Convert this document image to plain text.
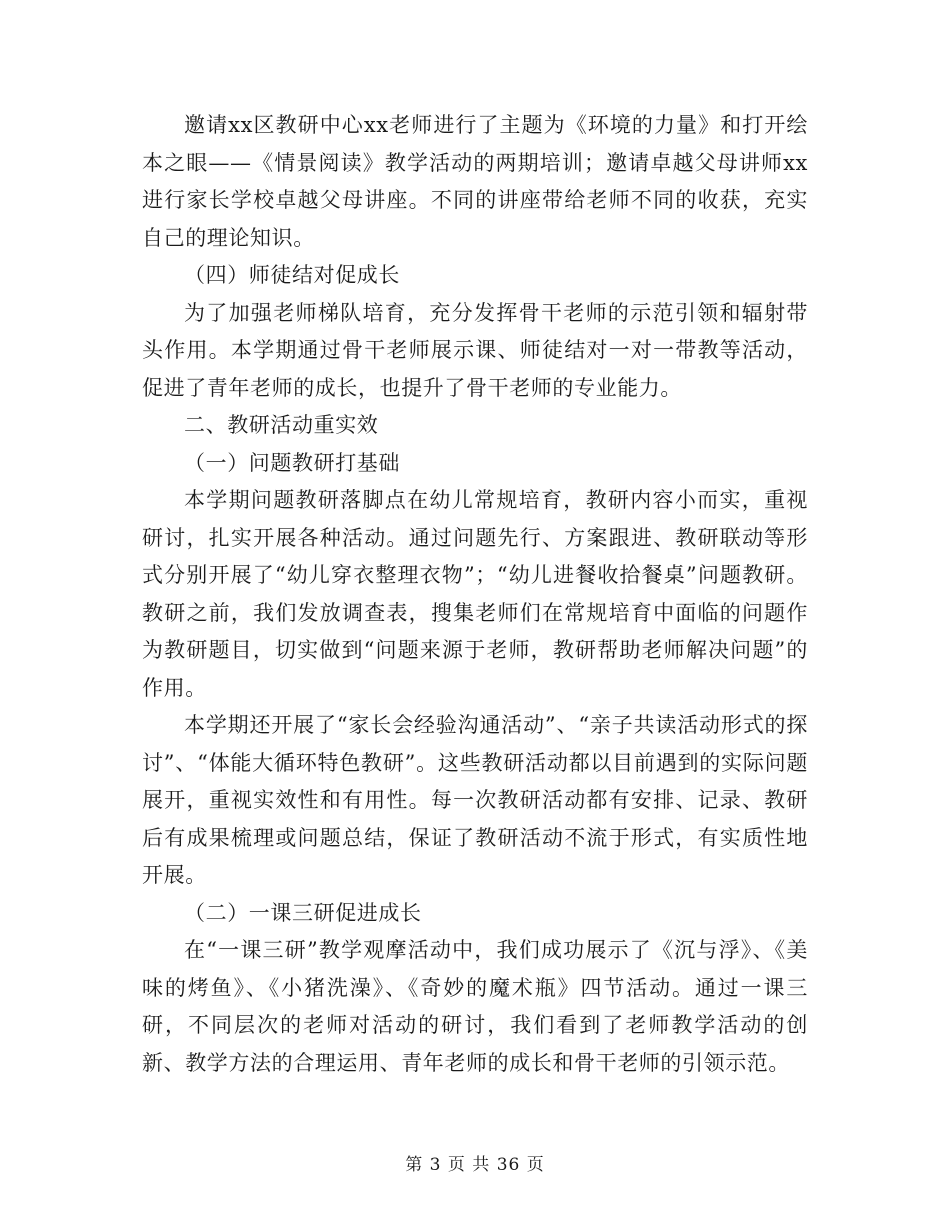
邀请xx区教研中心xx老师进行了主题为《环境的力量》和打开绘本之眼——《情景阅读》教学活动的两期培训；邀请卓越父母讲师xx进行家长学校卓越父母讲座。不同的讲座带给老师不同的收获，充实自己的理论知识。

（四）师徒结对促成长

为了加强老师梯队培育，充分发挥骨干老师的示范引领和辐射带头作用。本学期通过骨干老师展示课、师徒结对一对一带教等活动，促进了青年老师的成长，也提升了骨干老师的专业能力。

二、教研活动重实效

（一）问题教研打基础

本学期问题教研落脚点在幼儿常规培育，教研内容小而实，重视研讨，扎实开展各种活动。通过问题先行、方案跟进、教研联动等形式分别开展了“幼儿穿衣整理衣物”；“幼儿进餐收拾餐桌”问题教研。教研之前，我们发放调查表，搜集老师们在常规培育中面临的问题作为教研题目，切实做到“问题来源于老师，教研帮助老师解决问题”的作用。

本学期还开展了“家长会经验沟通活动”、“亲子共读活动形式的探讨”、“体能大循环特色教研”。这些教研活动都以目前遇到的实际问题展开，重视实效性和有用性。每一次教研活动都有安排、记录、教研后有成果梳理或问题总结，保证了教研活动不流于形式，有实质性地开展。

（二）一课三研促进成长

在“一课三研”教学观摩活动中，我们成功展示了《沉与浮》、《美味的烤鱼》、《小猪洗澡》、《奇妙的魔术瓶》四节活动。通过一课三研，不同层次的老师对活动的研讨，我们看到了老师教学活动的创新、教学方法的合理运用、青年老师的成长和骨干老师的引领示范。

第 3 页 共 36 页
